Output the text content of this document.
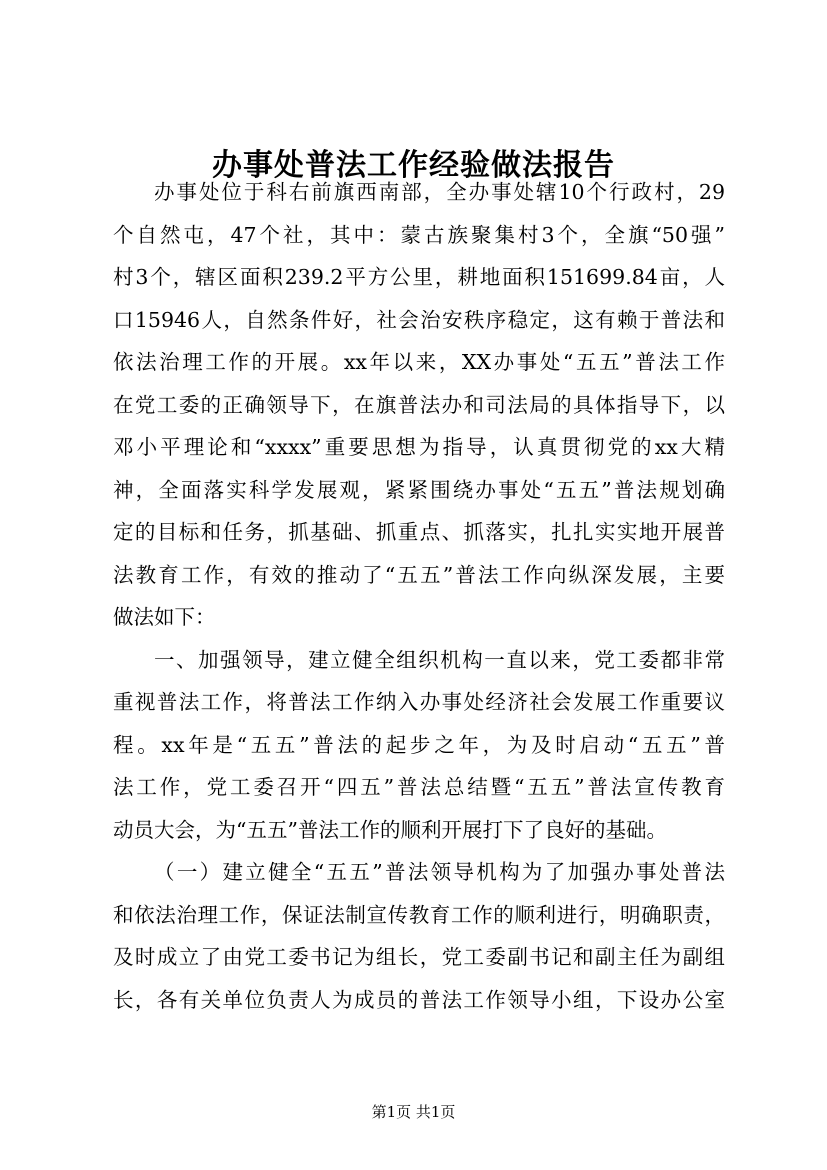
办事处普法工作经验做法报告
办事处位于科右前旗西南部，全办事处辖10个行政村，29
个自然屯，47个社，其中：蒙古族聚集村3个，全旗“50强”
村3个，辖区面积239.2平方公里，耕地面积151699.84亩，人
口15946人，自然条件好，社会治安秩序稳定，这有赖于普法和
依法治理工作的开展。xx年以来，XX办事处“五五”普法工作
在党工委的正确领导下，在旗普法办和司法局的具体指导下，以
邓小平理论和“xxxx”重要思想为指导，认真贯彻党的xx大精
神，全面落实科学发展观，紧紧围绕办事处“五五”普法规划确
定的目标和任务，抓基础、抓重点、抓落实，扎扎实实地开展普
法教育工作，有效的推动了“五五”普法工作向纵深发展，主要
做法如下：
一、加强领导，建立健全组织机构一直以来，党工委都非常
重视普法工作，将普法工作纳入办事处经济社会发展工作重要议
程。xx年是“五五”普法的起步之年，为及时启动“五五”普
法工作，党工委召开“四五”普法总结暨“五五”普法宣传教育
动员大会，为“五五”普法工作的顺利开展打下了良好的基础。
（一）建立健全“五五”普法领导机构为了加强办事处普法
和依法治理工作，保证法制宣传教育工作的顺利进行，明确职责，
及时成立了由党工委书记为组长，党工委副书记和副主任为副组
长，各有关单位负责人为成员的普法工作领导小组，下设办公室
第1页 共1页
